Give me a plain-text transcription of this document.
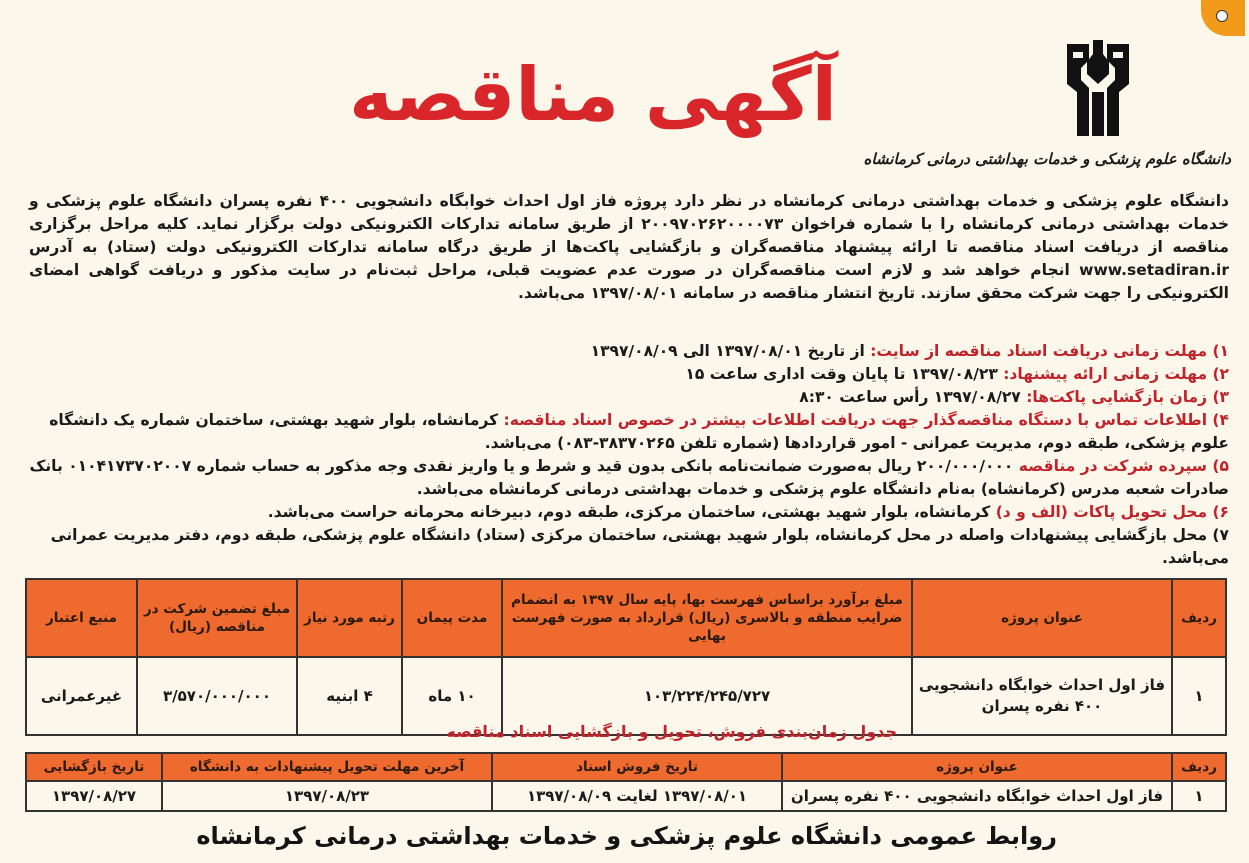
دانشگاه علوم پزشکی و خدمات بهداشتی درمانی کرمانشاه
آگهی مناقصه
دانشگاه علوم پزشکی و خدمات بهداشتی درمانی کرمانشاه در نظر دارد پروژه فاز اول احداث خوابگاه دانشجویی ۴۰۰ نفره پسران دانشگاه علوم پزشکی و خدمات بهداشتی درمانی کرمانشاه را با شماره فراخوان ۲۰۰۹۷۰۲۶۲۰۰۰۰۷۳ از طریق سامانه تدارکات الکترونیکی دولت برگزار نماید. کلیه مراحل برگزاری مناقصه از دریافت اسناد مناقصه تا ارائه پیشنهاد مناقصه‌گران و بازگشایی پاکت‌ها از طریق درگاه سامانه تدارکات الکترونیکی دولت (ستاد) به آدرس www.setadiran.ir انجام خواهد شد و لازم است مناقصه‌گران در صورت عدم عضویت قبلی، مراحل ثبت‌نام در سایت مذکور و دریافت گواهی امضای الکترونیکی را جهت شرکت محقق سازند. تاریخ انتشار مناقصه در سامانه ۱۳۹۷/۰۸/۰۱ می‌باشد.

۱) مهلت زمانی دریافت اسناد مناقصه از سایت: از تاریخ ۱۳۹۷/۰۸/۰۱ الی ۱۳۹۷/۰۸/۰۹

۲) مهلت زمانی ارائه پیشنهاد: ۱۳۹۷/۰۸/۲۳ تا پایان وقت اداری ساعت ۱۵

۳) زمان بازگشایی پاکت‌ها: ۱۳۹۷/۰۸/۲۷ رأس ساعت ۸:۳۰

۴) اطلاعات تماس با دستگاه مناقصه‌گذار جهت دریافت اطلاعات بیشتر در خصوص اسناد مناقصه: کرمانشاه، بلوار شهید بهشتی، ساختمان شماره یک دانشگاه علوم پزشکی، طبقه دوم، مدیریت عمرانی - امور قراردادها (شماره تلفن ۳۸۳۷۰۲۶۵-۰۸۳) می‌باشد.

۵) سپرده شرکت در مناقصه ۲۰۰/۰۰۰/۰۰۰ ریال به‌صورت ضمانت‌نامه بانکی بدون قید و شرط و یا واریز نقدی وجه مذکور به حساب شماره ۰۱۰۴۱۷۳۷۰۲۰۰۷ بانک صادرات شعبه مدرس (کرمانشاه) به‌نام دانشگاه علوم پزشکی و خدمات بهداشتی درمانی کرمانشاه می‌باشد.

۶) محل تحویل پاکات (الف و د) کرمانشاه، بلوار شهید بهشتی، ساختمان مرکزی، طبقه دوم، دبیرخانه محرمانه حراست می‌باشد.

۷) محل بازگشایی پیشنهادات واصله در محل کرمانشاه، بلوار شهید بهشتی، ساختمان مرکزی (ستاد) دانشگاه علوم پزشکی، طبقه دوم، دفتر مدیریت عمرانی می‌باشد.

ردیف	عنوان پروژه	مبلغ برآورد براساس فهرست بها، پایه سال ۱۳۹۷ به انضمام ضرایب منطقه و بالاسری (ریال) قرارداد به صورت فهرست بهایی	مدت پیمان	رتبه مورد نیاز	مبلغ تضمین شرکت در مناقصه (ریال)	منبع اعتبار
۱	فاز اول احداث خوابگاه دانشجویی ۴۰۰ نفره پسران	۱۰۳/۲۲۴/۲۴۵/۷۲۷	۱۰ ماه	۴ ابنیه	۳/۵۷۰/۰۰۰/۰۰۰	غیرعمرانی
جدول زمان‌بندی فروش، تحویل و بازگشایی اسناد مناقصه
ردیف	عنوان پروژه	تاریخ فروش اسناد	آخرین مهلت تحویل پیشنهادات به دانشگاه	تاریخ بازگشایی
۱	فاز اول احداث خوابگاه دانشجویی ۴۰۰ نفره پسران	۱۳۹۷/۰۸/۰۱ لغایت ۱۳۹۷/۰۸/۰۹	۱۳۹۷/۰۸/۲۳	۱۳۹۷/۰۸/۲۷
روابط عمومی دانشگاه علوم پزشکی و خدمات بهداشتی درمانی کرمانشاه
